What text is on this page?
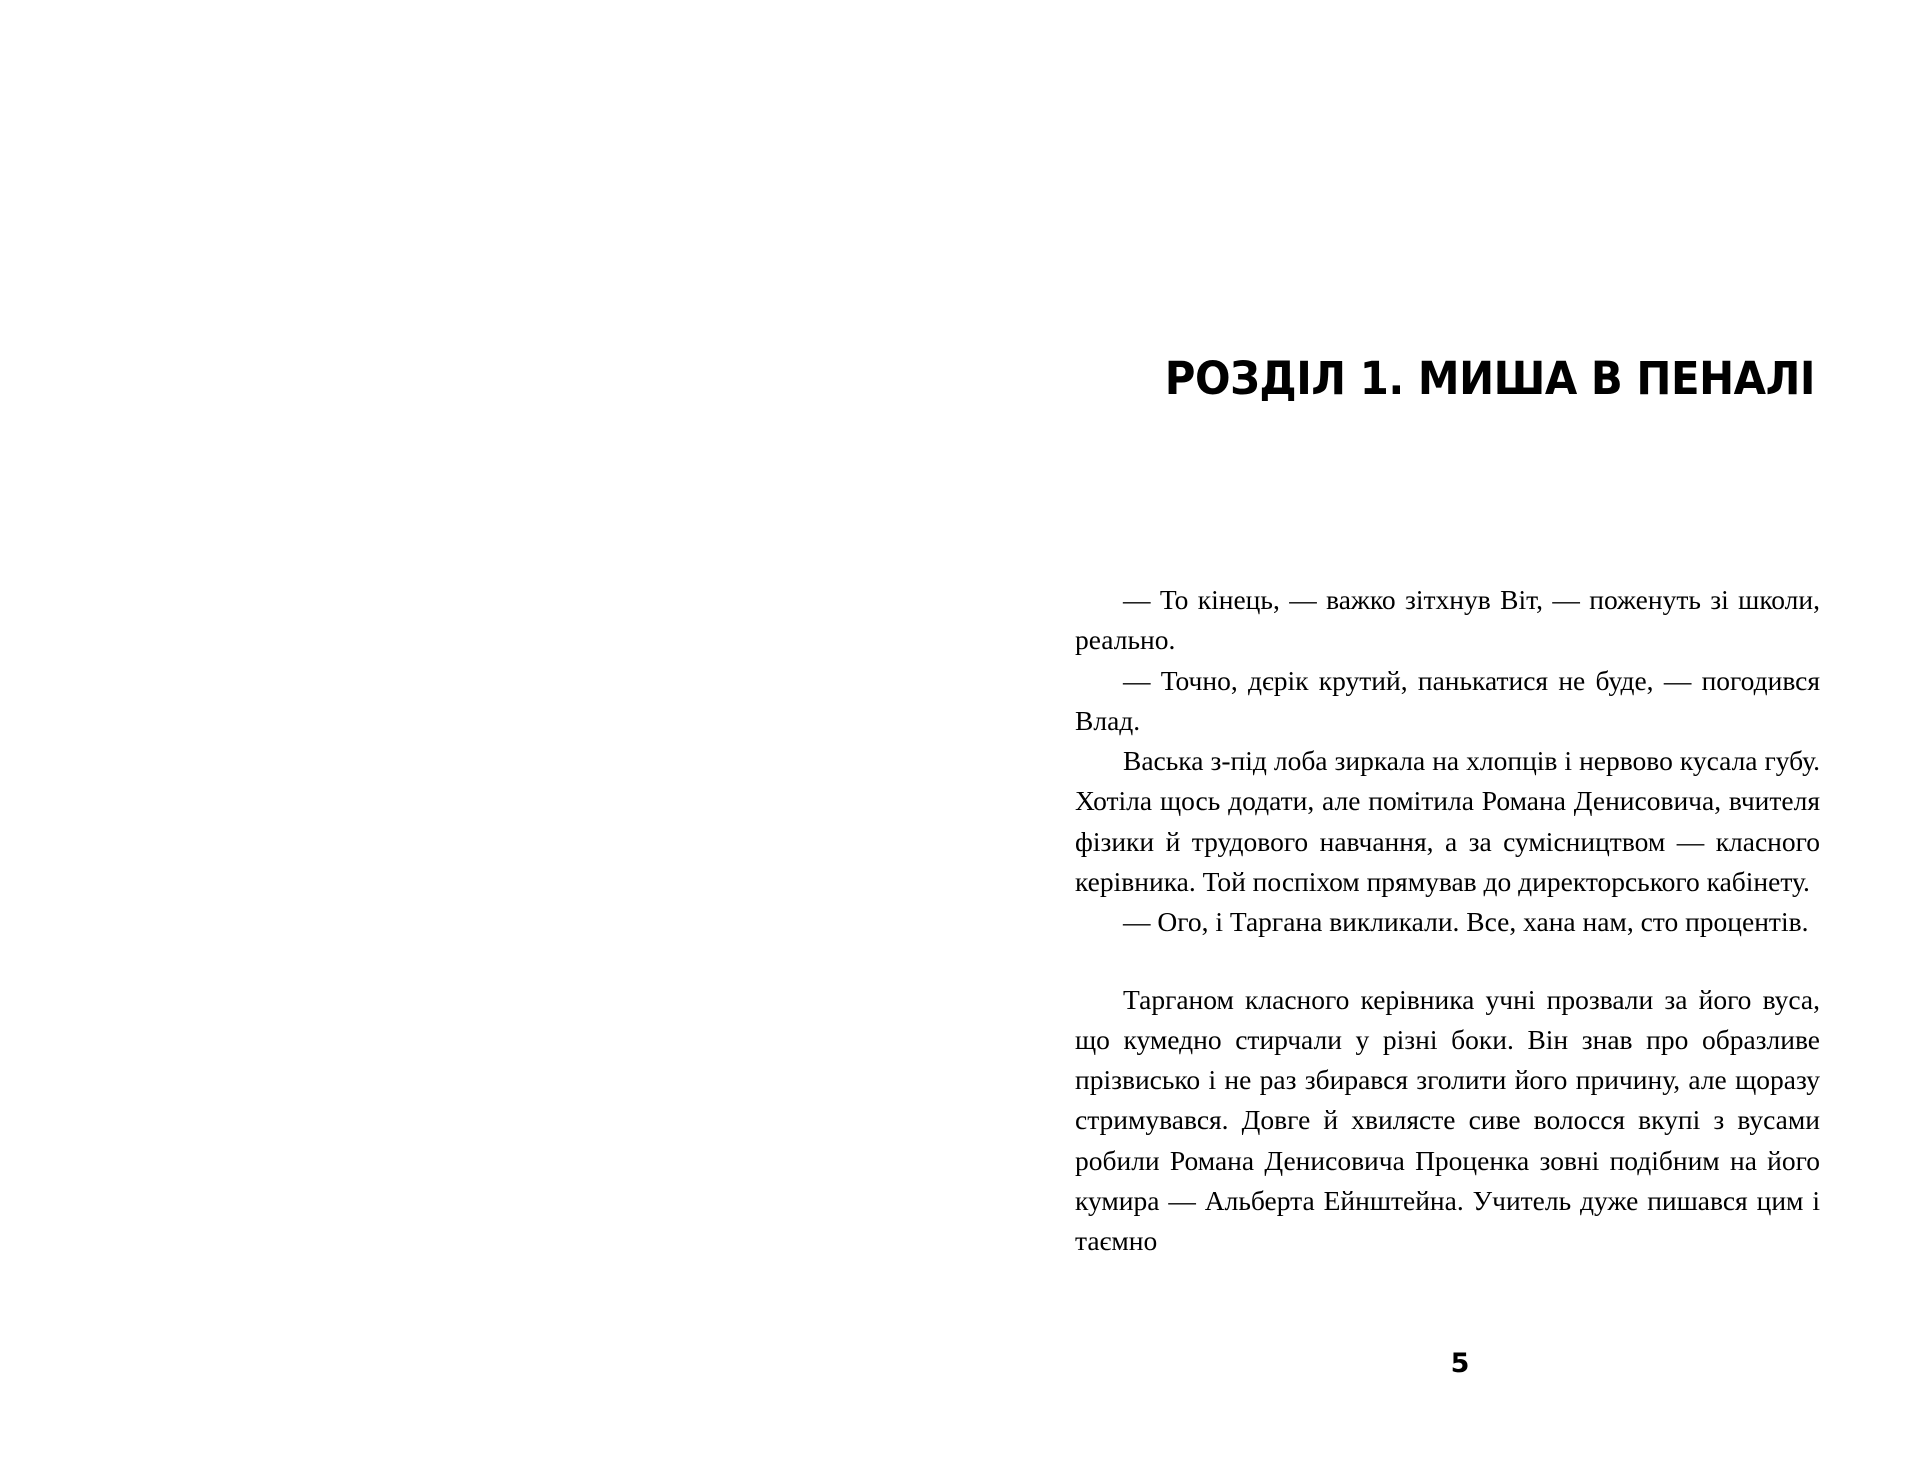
РОЗДІЛ 1. МИША В ПЕНАЛІ

— То кінець, — важко зітхнув Віт, — поженуть зі школи, реально.

— Точно, дєрік крутий, панькатися не буде, — погодився Влад.

Васька з-під лоба зиркала на хлопців і нервово кусала губу. Хотіла щось додати, але помітила Романа Денисовича, вчителя фізики й трудового навчання, а за сумісництвом — класного керівника. Той поспіхом прямував до директорського кабінету.

— Ого, і Таргана викликали. Все, хана нам, сто процентів.

Тарганом класного керівника учні прозвали за його вуса, що кумедно стирчали у різні боки. Він знав про образливе прізвисько і не раз збирався зголити його причину, але щоразу стримувався. Довге й хвилясте сиве волосся вкупі з вусами робили Романа Денисовича Проценка зовні подібним на його кумира — Альберта Ейнштейна. Учитель дуже пишався цим і таємно

5
